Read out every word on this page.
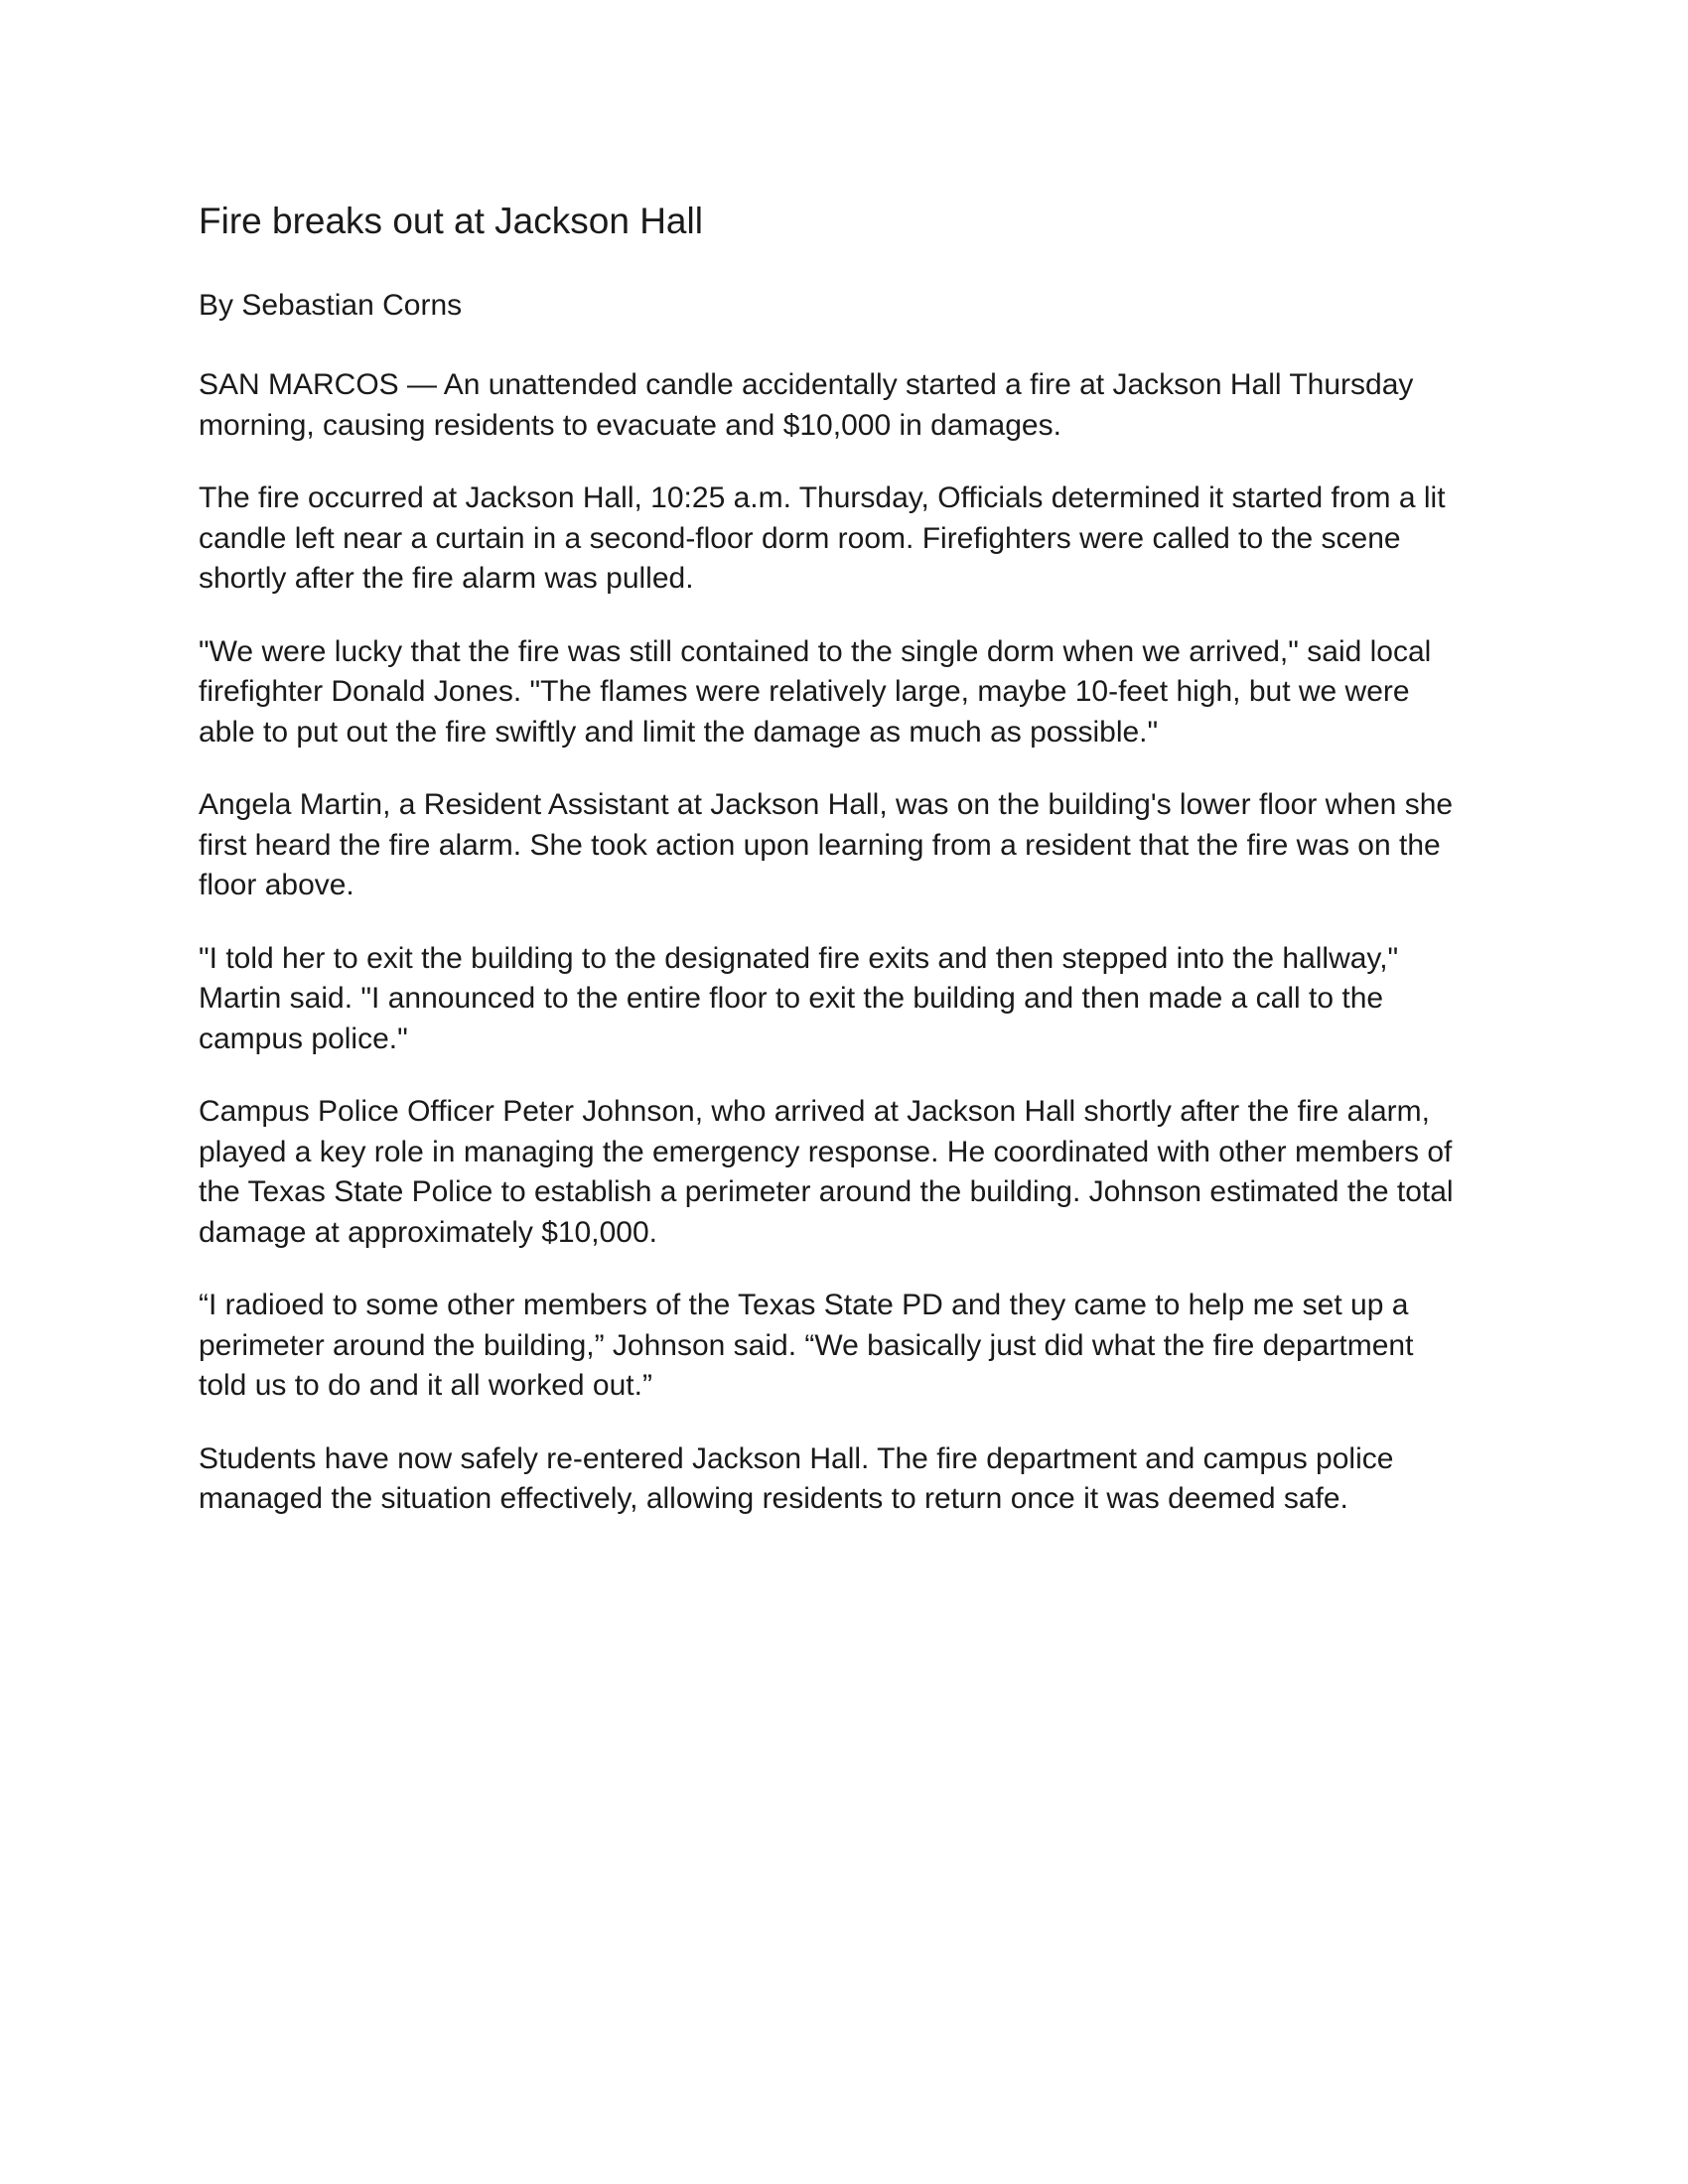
Fire breaks out at Jackson Hall

By Sebastian Corns

SAN MARCOS — An unattended candle accidentally started a fire at Jackson Hall Thursday
morning, causing residents to evacuate and $10,000 in damages.

The fire occurred at Jackson Hall, 10:25 a.m. Thursday, Officials determined it started from a lit
candle left near a curtain in a second-floor dorm room. Firefighters were called to the scene
shortly after the fire alarm was pulled.

"We were lucky that the fire was still contained to the single dorm when we arrived," said local
firefighter Donald Jones. "The flames were relatively large, maybe 10-feet high, but we were
able to put out the fire swiftly and limit the damage as much as possible."

Angela Martin, a Resident Assistant at Jackson Hall, was on the building's lower floor when she
first heard the fire alarm. She took action upon learning from a resident that the fire was on the
floor above.

"I told her to exit the building to the designated fire exits and then stepped into the hallway,"
Martin said. "I announced to the entire floor to exit the building and then made a call to the
campus police."

Campus Police Officer Peter Johnson, who arrived at Jackson Hall shortly after the fire alarm,
played a key role in managing the emergency response. He coordinated with other members of
the Texas State Police to establish a perimeter around the building. Johnson estimated the total
damage at approximately $10,000.

“I radioed to some other members of the Texas State PD and they came to help me set up a
perimeter around the building,” Johnson said. “We basically just did what the fire department
told us to do and it all worked out.”

Students have now safely re-entered Jackson Hall. The fire department and campus police
managed the situation effectively, allowing residents to return once it was deemed safe.
